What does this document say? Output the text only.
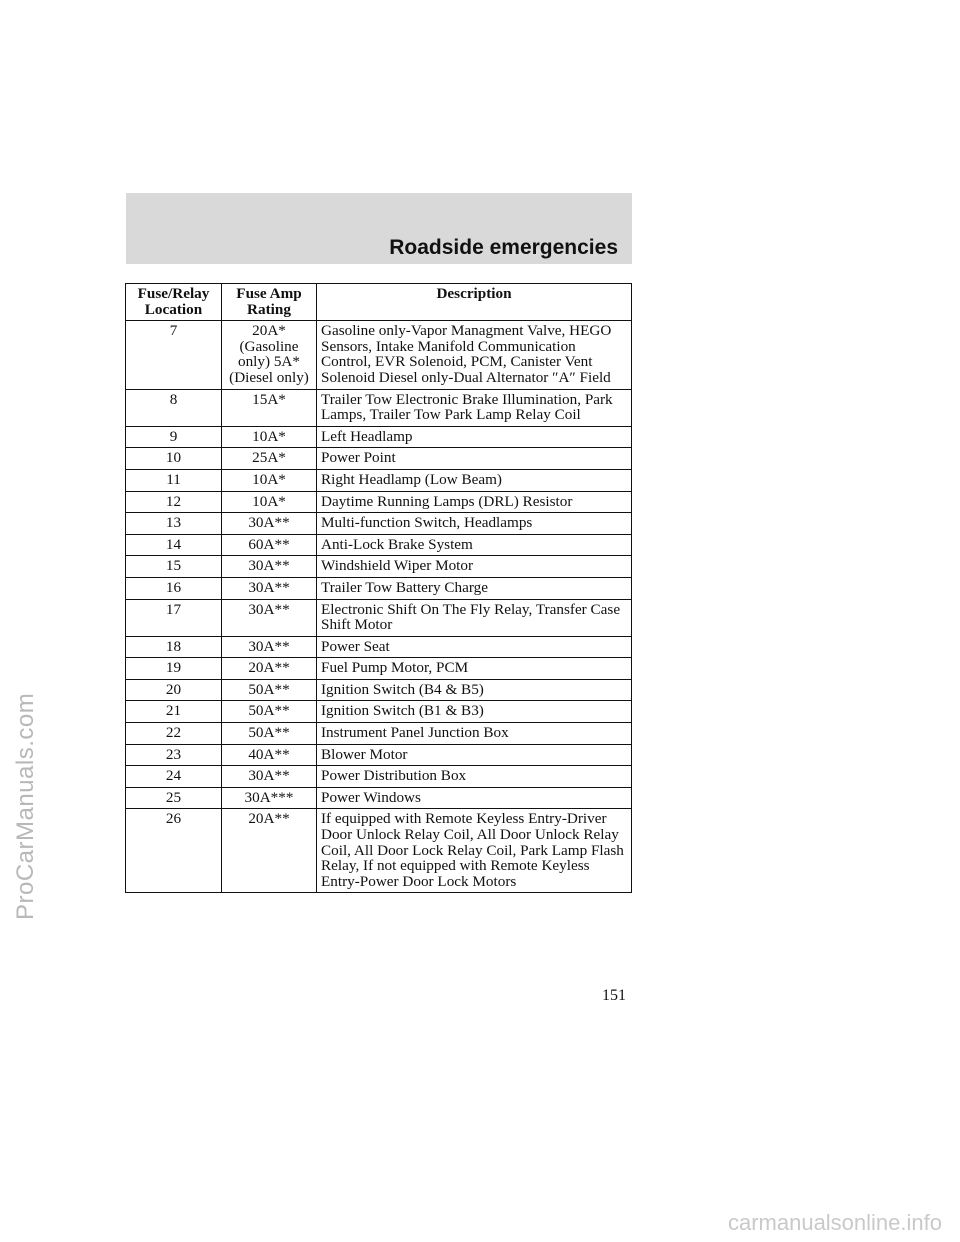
Roadside emergencies
ProCarManuals.com
Fuse/Relay Location	Fuse Amp Rating	Description
7	20A* (Gasoline only) 5A* (Diesel only)	Gasoline only-Vapor Managment Valve, HEGO Sensors, Intake Manifold Communication Control, EVR Solenoid, PCM, Canister Vent Solenoid Diesel only-Dual Alternator ″A″ Field
8	15A*	Trailer Tow Electronic Brake Illumination, Park Lamps, Trailer Tow Park Lamp Relay Coil
9	10A*	Left Headlamp
10	25A*	Power Point
11	10A*	Right Headlamp (Low Beam)
12	10A*	Daytime Running Lamps (DRL) Resistor
13	30A**	Multi-function Switch, Headlamps
14	60A**	Anti-Lock Brake System
15	30A**	Windshield Wiper Motor
16	30A**	Trailer Tow Battery Charge
17	30A**	Electronic Shift On The Fly Relay, Transfer Case Shift Motor
18	30A**	Power Seat
19	20A**	Fuel Pump Motor, PCM
20	50A**	Ignition Switch (B4 & B5)
21	50A**	Ignition Switch (B1 & B3)
22	50A**	Instrument Panel Junction Box
23	40A**	Blower Motor
24	30A**	Power Distribution Box
25	30A***	Power Windows
26	20A**	If equipped with Remote Keyless Entry-Driver Door Unlock Relay Coil, All Door Unlock Relay Coil, All Door Lock Relay Coil, Park Lamp Flash Relay, If not equipped with Remote Keyless Entry-Power Door Lock Motors
151
carmanualsonline.info
